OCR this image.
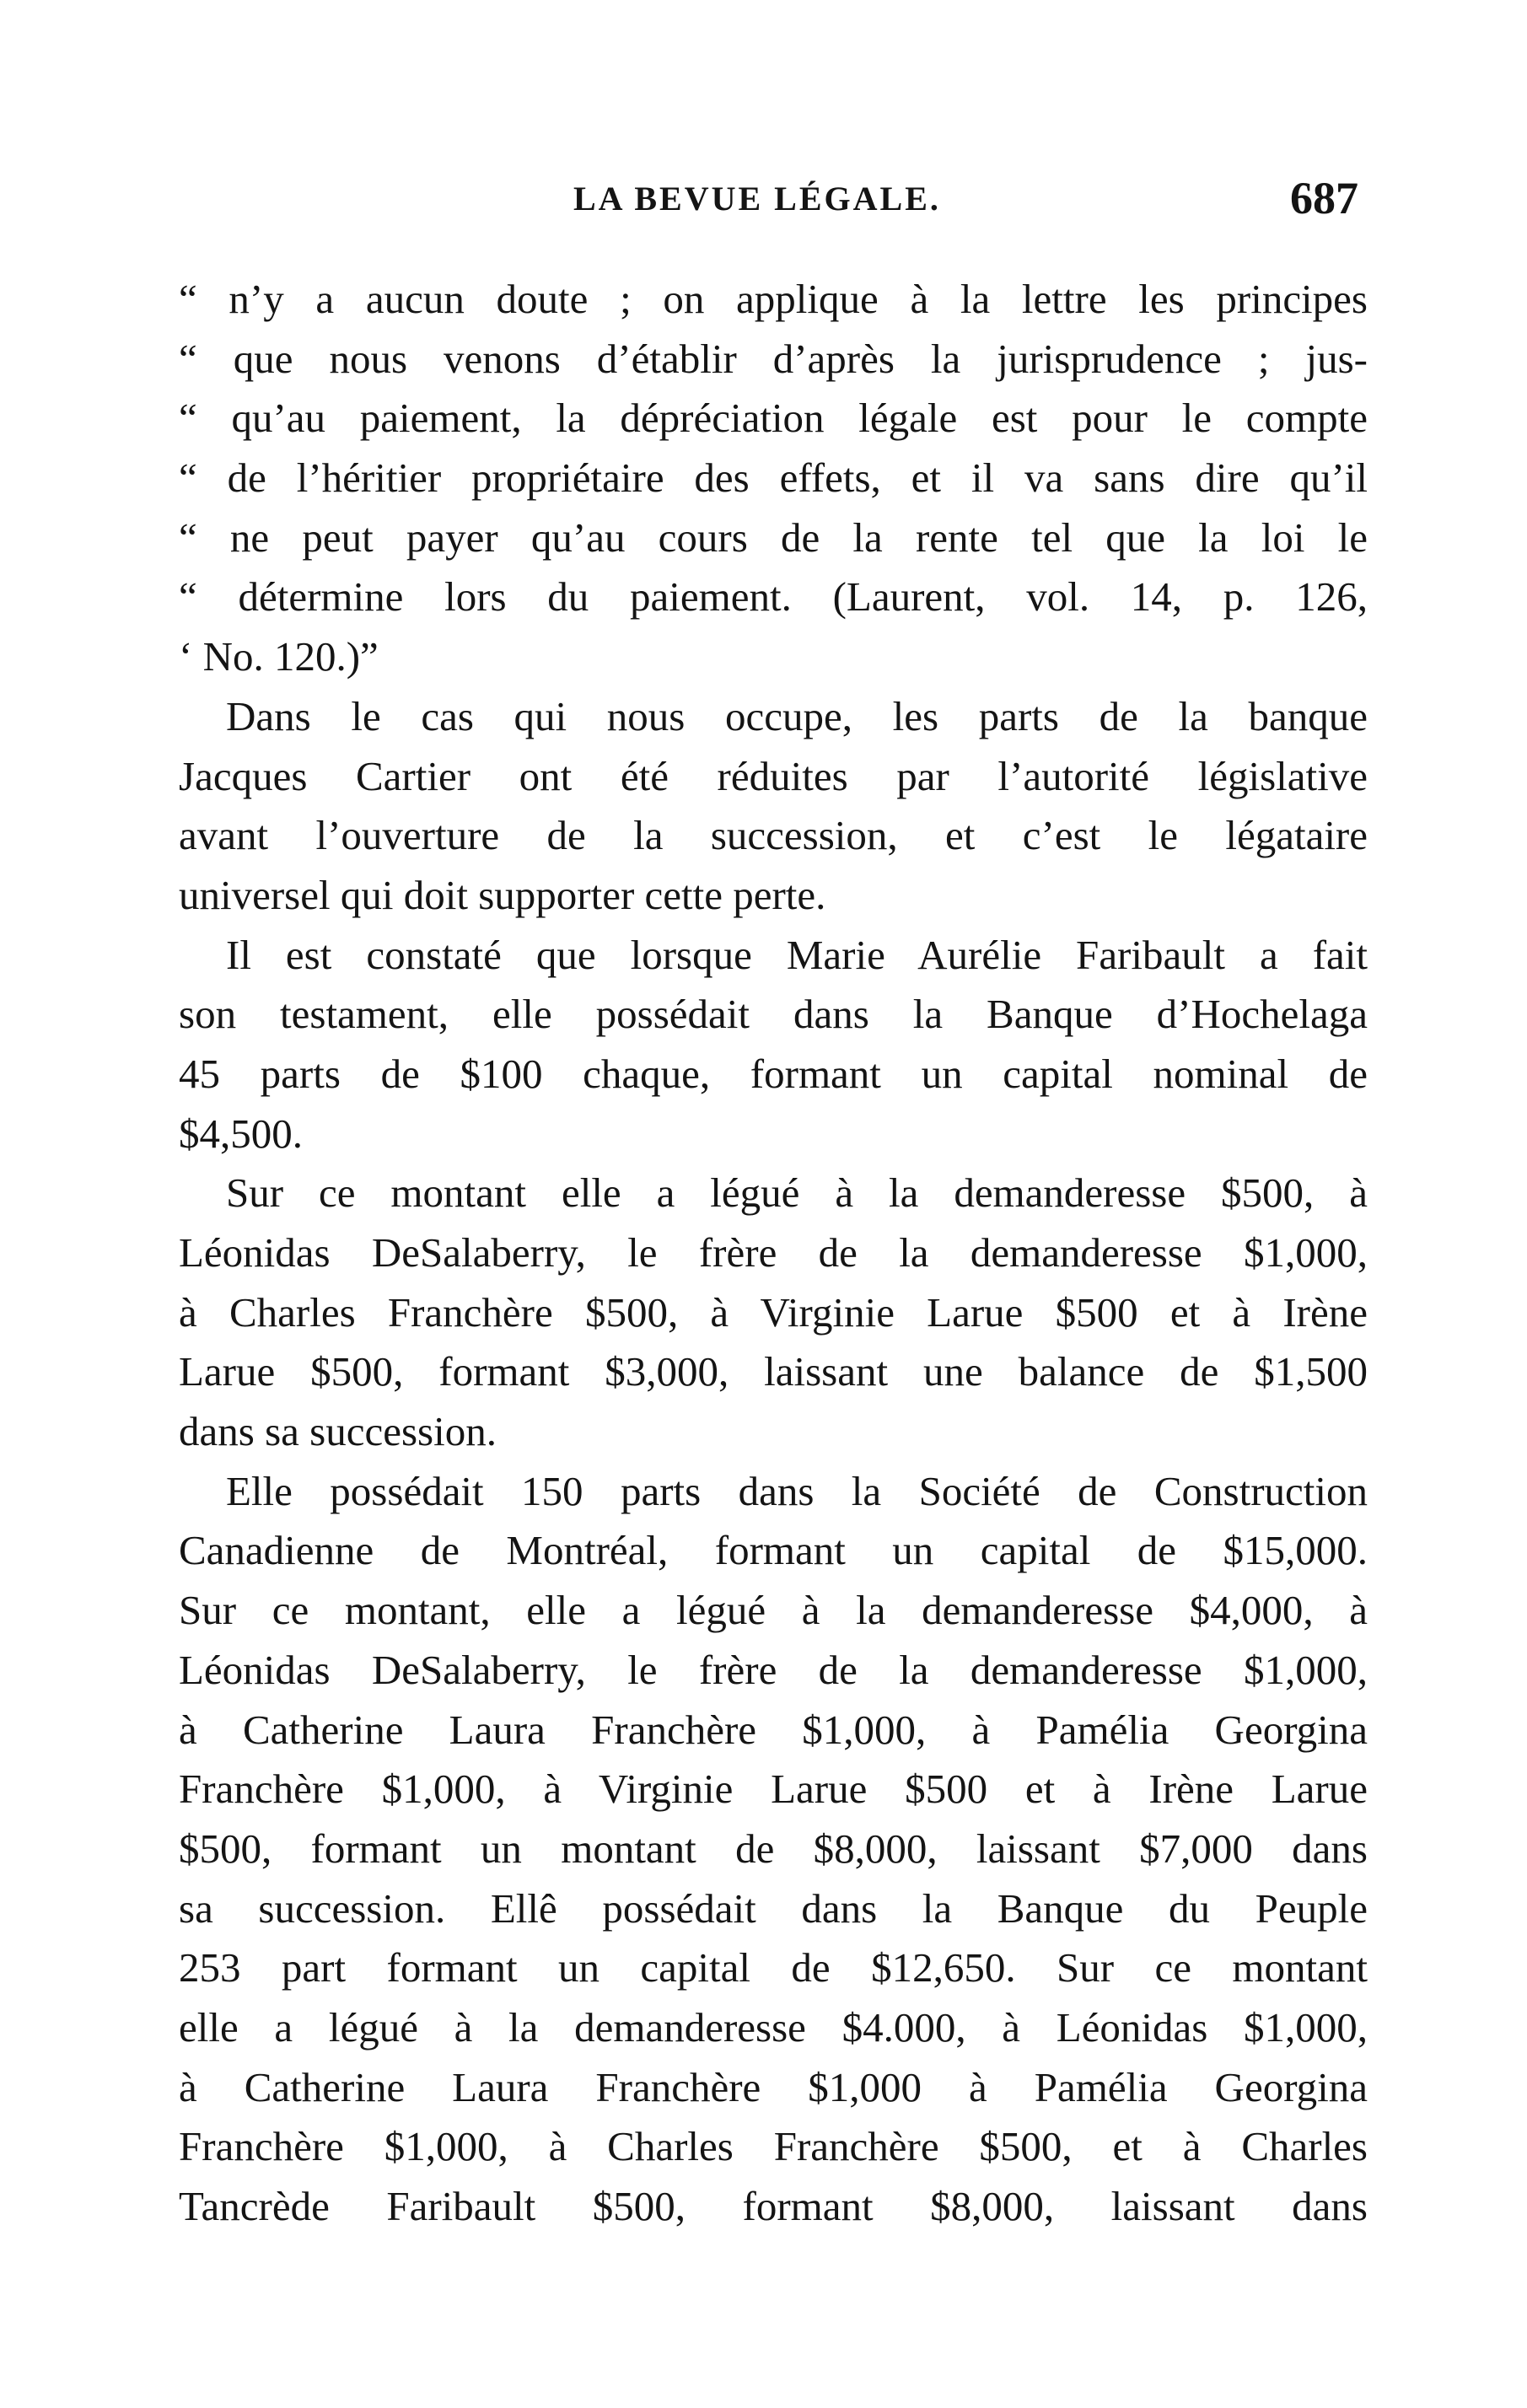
LA BEVUE LÉGALE.	687
“ n’y a aucun doute ; on applique à la lettre les principes
“ que nous venons d’établir d’après la jurisprudence ; jus-
“ qu’au paiement, la dépréciation légale est pour le compte
“ de l’héritier propriétaire des effets, et il va sans dire qu’il
“ ne peut payer qu’au cours de la rente tel que la loi le
“ détermine lors du paiement. (Laurent, vol. 14, p. 126,
‘ No. 120.)”
Dans le cas qui nous occupe, les parts de la banque
Jacques Cartier ont été réduites par l’autorité législative
avant l’ouverture de la succession, et c’est le légataire
universel qui doit supporter cette perte.
Il est constaté que lorsque Marie Aurélie Faribault a fait
son testament, elle possédait dans la Banque d’Hochelaga
45 parts de $100 chaque, formant un capital nominal de
$4,500.
Sur ce montant elle a légué à la demanderesse $500, à
Léonidas DeSalaberry, le frère de la demanderesse $1,000,
à Charles Franchère $500, à Virginie Larue $500 et à Irène
Larue $500, formant $3,000, laissant une balance de $1,500
dans sa succession.
Elle possédait 150 parts dans la Société de Construction
Canadienne de Montréal, formant un capital de $15,000.
Sur ce montant, elle a légué à la demanderesse $4,000, à
Léonidas DeSalaberry, le frère de la demanderesse $1,000,
à Catherine Laura Franchère $1,000, à Pamélia Georgina
Franchère $1,000, à Virginie Larue $500 et à Irène Larue
$500, formant un montant de $8,000, laissant $7,000 dans
sa succession. Ellê possédait dans la Banque du Peuple
253 part formant un capital de $12,650. Sur ce montant
elle a légué à la demanderesse $4.000, à Léonidas $1,000,
à Catherine Laura Franchère $1,000 à Pamélia Georgina
Franchère $1,000, à Charles Franchère $500, et à Charles
Tancrède Faribault $500, formant $8,000, laissant dans
